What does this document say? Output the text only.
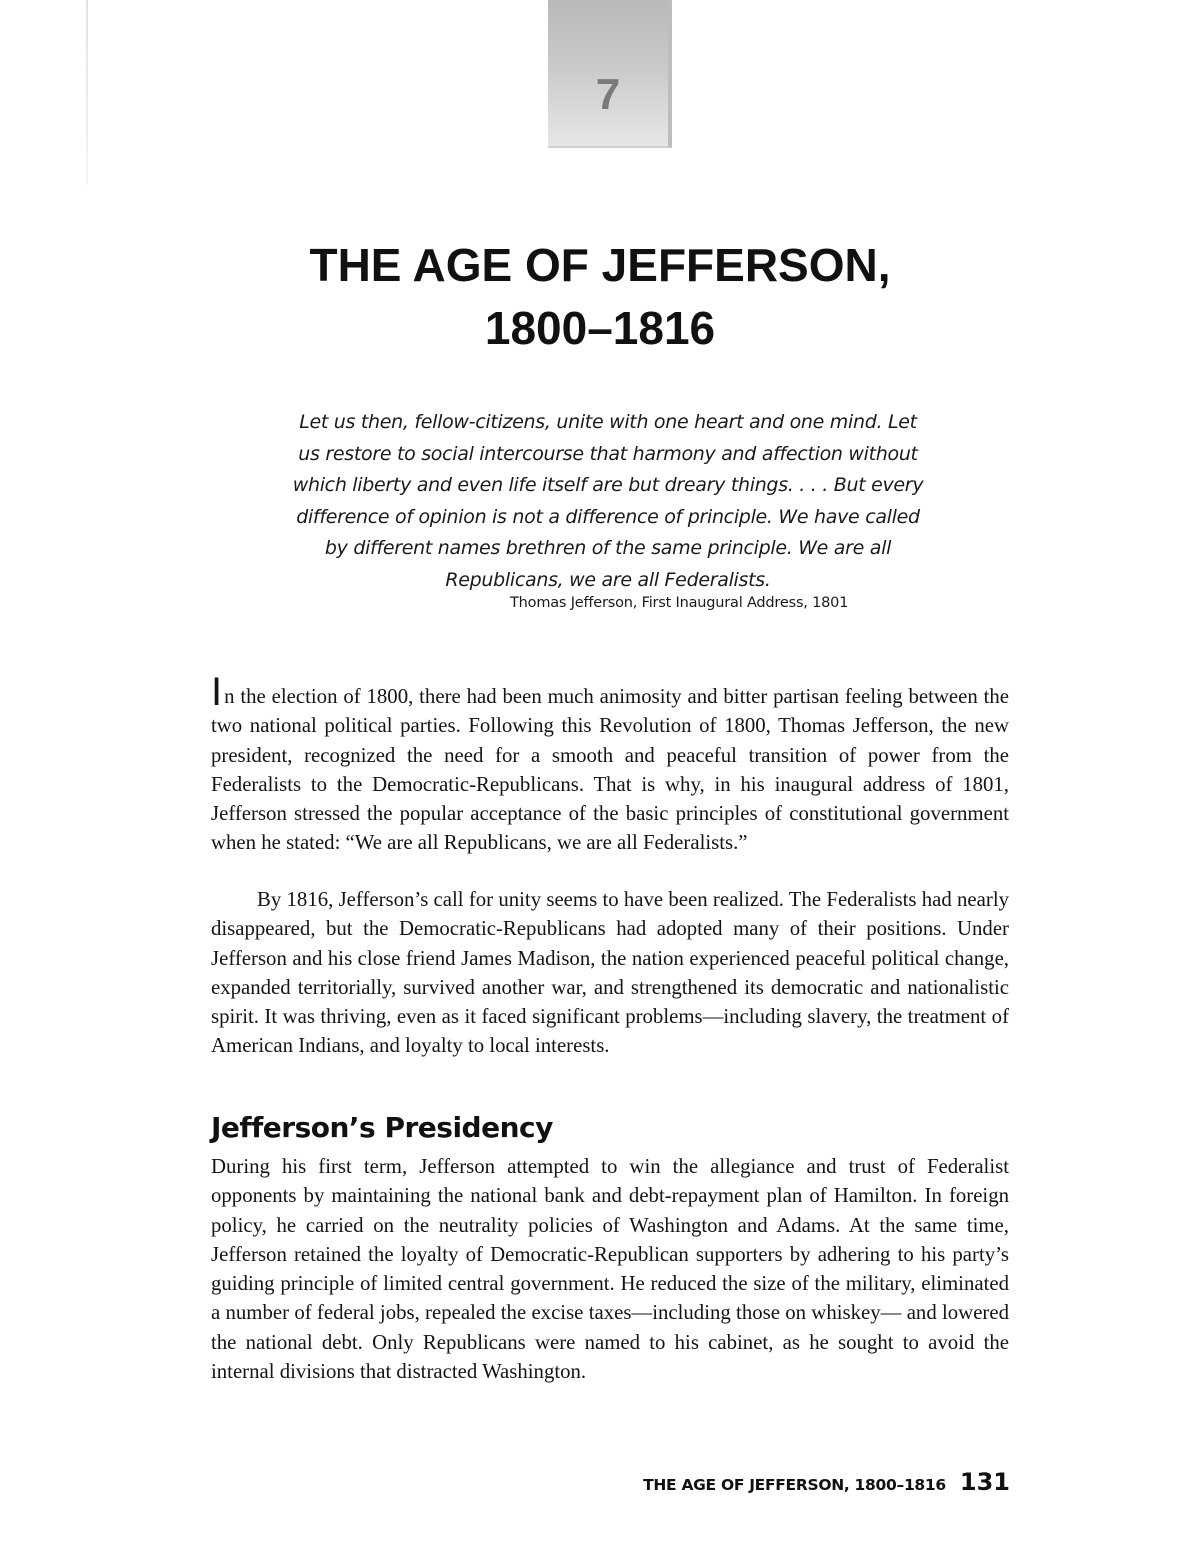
7
THE AGE OF JEFFERSON,
1800–1816
Let us then, fellow-citizens, unite with one heart and one mind. Let
us restore to social intercourse that harmony and affection without
which liberty and even life itself are but dreary things. . . . But every
difference of opinion is not a difference of principle. We have called
by different names brethren of the same principle. We are all
Republicans, we are all Federalists.
Thomas Jefferson, First Inaugural Address, 1801

In the election of 1800, there had been much animosity and bitter partisan feeling between the two national political parties. Following this Revolution of 1800, Thomas Jefferson, the new president, recognized the need for a smooth and peaceful transition of power from the Federalists to the Democratic-Republicans. That is why, in his inaugural address of 1801, Jefferson stressed the popular acceptance of the basic principles of constitutional government when he stated: “We are all Republicans, we are all Federalists.”

By 1816, Jefferson’s call for unity seems to have been realized. The Federalists had nearly disappeared, but the Democratic-Republicans had adopted many of their positions. Under Jefferson and his close friend James Madison, the nation experienced peaceful political change, expanded territorially, survived another war, and strengthened its democratic and nationalistic spirit. It was thriving, even as it faced significant problems—including slavery, the treatment of American Indians, and loyalty to local interests.

Jefferson’s Presidency

During his first term, Jefferson attempted to win the allegiance and trust of Federalist opponents by maintaining the national bank and debt-repayment plan of Hamilton. In foreign policy, he carried on the neutrality policies of Washington and Adams. At the same time, Jefferson retained the loyalty of Democratic-Republican supporters by adhering to his party’s guiding principle of limited central government. He reduced the size of the military, eliminated a number of federal jobs, repealed the excise taxes—including those on whiskey— and lowered the national debt. Only Republicans were named to his cabinet, as he sought to avoid the internal divisions that distracted Washington.

THE AGE OF JEFFERSON, 1800–1816 131
